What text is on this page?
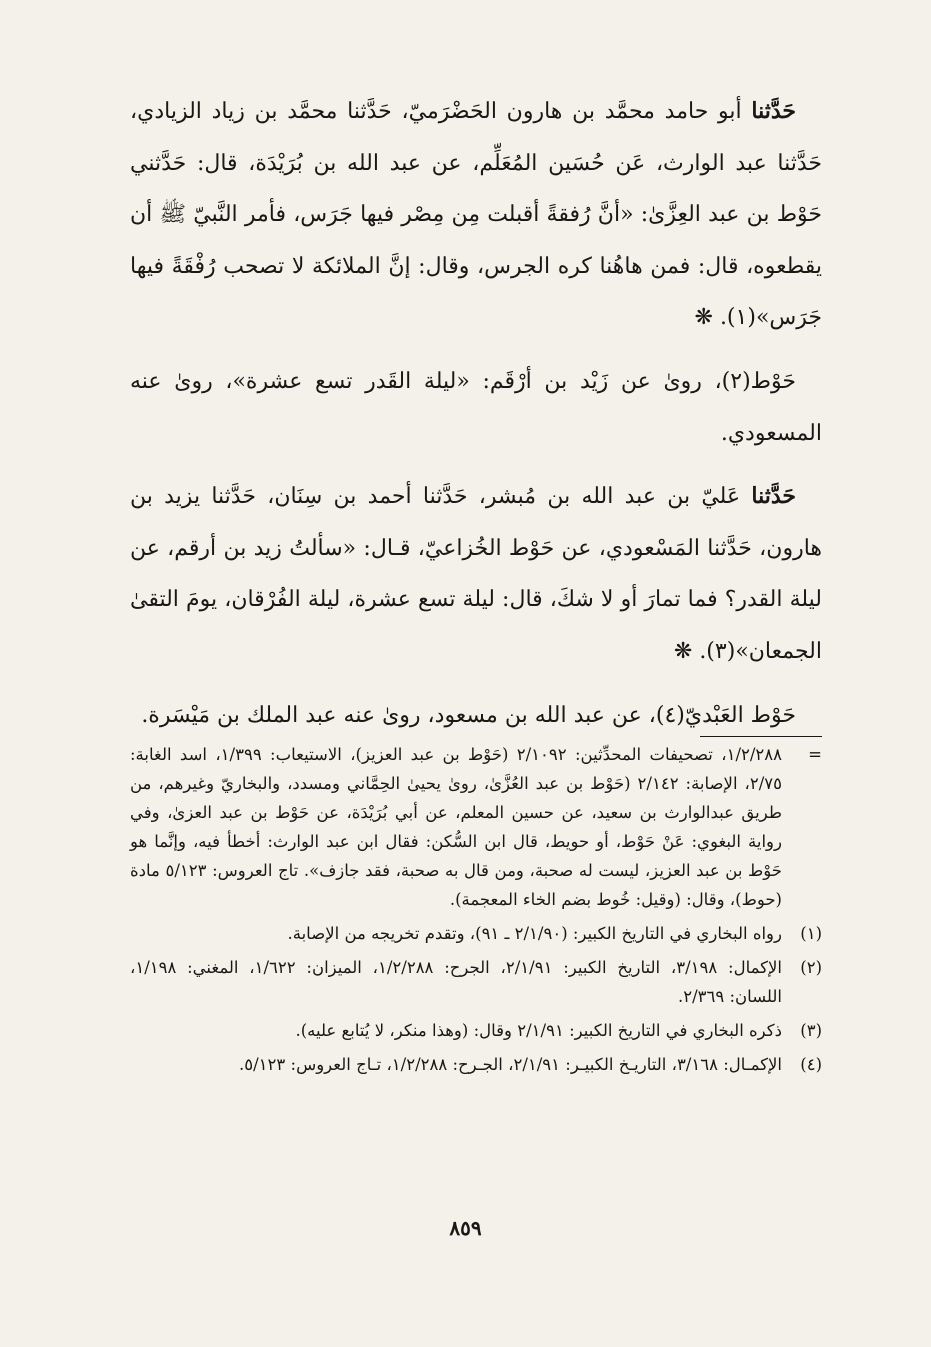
حَدَّثنا أبو حامد محمَّد بن هارون الحَضْرَميّ، حَدَّثنا محمَّد بن زياد الزيادي، حَدَّثنا عبد الوارث، عَن حُسَين المُعَلِّم، عن عبد الله بن بُرَيْدَة، قال: حَدَّثني حَوْط بن عبد العِزَّىٰ: «أنَّ رُفقةً أقبلت مِن مِصْر فيها جَرَس، فأمر النَّبيّ ﷺ أن يقطعوه، قال: فمن هاهُنا كره الجرس، وقال: إنَّ الملائكة لا تصحب رُفْقَةً فيها جَرَس»(١). ❋

حَوْط(٢)، روىٰ عن زَيْد بن أرْقَم: «ليلة القَدر تسع عشرة»، روىٰ عنه المسعودي.

حَدَّثنا عَليّ بن عبد الله بن مُبشر، حَدَّثنا أحمد بن سِنَان، حَدَّثنا يزيد بن هارون، حَدَّثنا المَسْعودي، عن حَوْط الخُزاعيّ، قـال: «سألتُ زيد بن أرقم، عن ليلة القدر؟ فما تمارَ أو لا شكَ، قال: ليلة تسع عشرة، ليلة الفُرْقان، يومَ التقىٰ الجمعان»(٣). ❋

حَوْط العَبْديّ(٤)، عن عبد الله بن مسعود، روىٰ عنه عبد الملك بن مَيْسَرة.

=
١/٢/٢٨٨، تصحيفات المحدِّثين: ٢/١٠٩٢ (حَوْط بن عبد العزيز)، الاستيعاب: ١/٣٩٩، اسد الغابة: ٢/٧٥، الإصابة: ٢/١٤٢ (حَوْط بن عبد العُزَّىٰ، روىٰ يحيىٰ الحِمَّاني ومسدد، والبخاريّ وغيرهم، من طريق عبدالوارث بن سعيد، عن حسين المعلم، عن أبي بُرَيْدَة، عن حَوْط بن عبد العزىٰ، وفي رواية البغوي: عَنْ حَوْط، أو حويط، قال ابن السُّكن: فقال ابن عبد الوارث: أخطأ فيه، وإنَّما هو حَوْط بن عبد العزيز، ليست له صحبة، ومن قال به صحبة، فقد جازف». تاج العروس: ٥/١٢٣ مادة (حوط)، وقال: (وقيل: خُوط بضم الخاء المعجمة).
(١)
رواه البخاري في التاريخ الكبير: (٢/١/٩٠ ـ ٩١)، وتقدم تخريجه من الإصابة.
(٢)
الإكمال: ٣/١٩٨، التاريخ الكبير: ٢/١/٩١، الجرح: ١/٢/٢٨٨، الميزان: ١/٦٢٢، المغني: ١/١٩٨، اللسان: ٢/٣٦٩.
(٣)
ذكره البخاري في التاريخ الكبير: ٢/١/٩١ وقال: (وهذا منكر، لا يُتابع عليه).
(٤)
الإكمـال: ٣/١٦٨، التاريـخ الكبيـر: ٢/١/٩١، الجـرح: ١/٢/٢٨٨، تـاج العروس: ٥/١٢٣.
٨٥٩
